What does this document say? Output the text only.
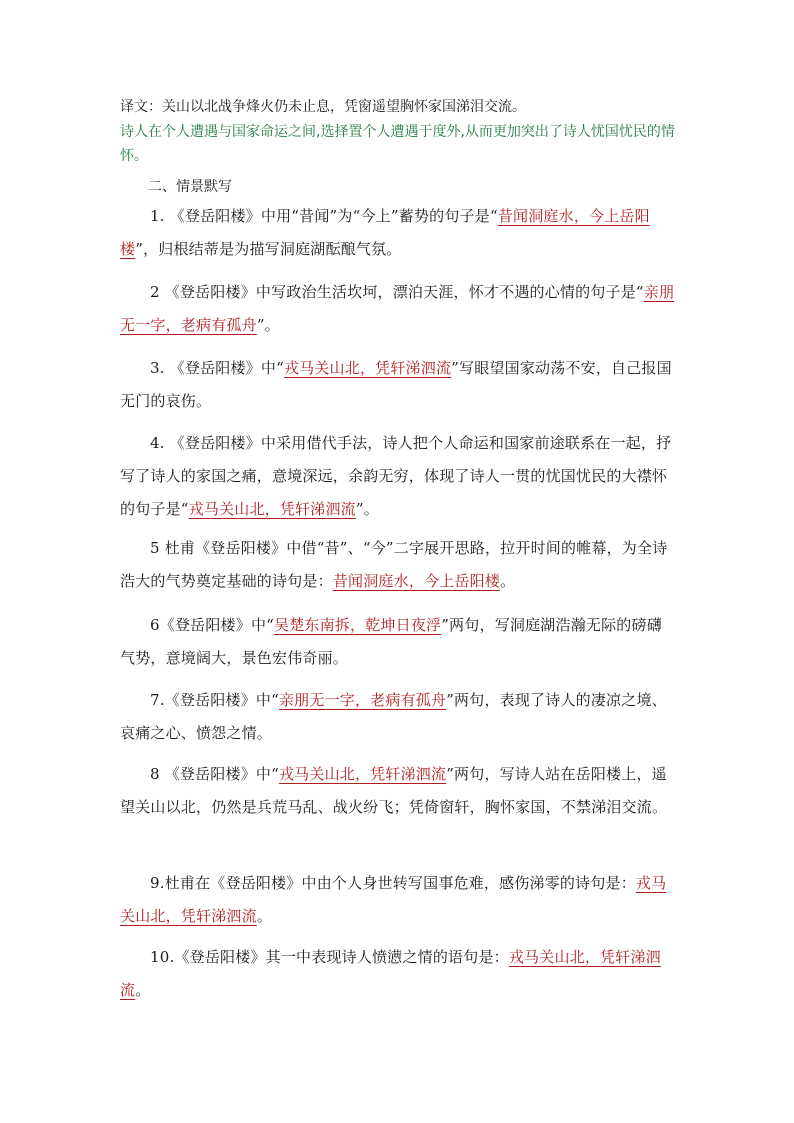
译文：关山以北战争烽火仍未止息，凭窗遥望胸怀家国涕泪交流。
诗人在个人遭遇与国家命运之间,选择置个人遭遇于度外,从而更加突出了诗人忧国忧民的情怀。
二、情景默写
1. 《登岳阳楼》中用“昔闻”为“今上”蓄势的句子是“昔闻洞庭水，今上岳阳楼”，归根结蒂是为描写洞庭湖酝酿气氛。
2 《登岳阳楼》中写政治生活坎坷，漂泊天涯，怀才不遇的心情的句子是“亲朋无一字，老病有孤舟”。
3. 《登岳阳楼》中“戎马关山北，凭轩涕泗流”写眼望国家动荡不安，自己报国无门的哀伤。
4. 《登岳阳楼》中采用借代手法，诗人把个人命运和国家前途联系在一起，抒写了诗人的家国之痛，意境深远，余韵无穷，体现了诗人一贯的忧国忧民的大襟怀的句子是“戎马关山北，凭轩涕泗流”。
5 杜甫《登岳阳楼》中借“昔”、“今”二字展开思路，拉开时间的帷幕，为全诗浩大的气势奠定基础的诗句是：昔闻洞庭水，今上岳阳楼。
6《登岳阳楼》中“吴楚东南拆，乾坤日夜浮”两句，写洞庭湖浩瀚无际的磅礴气势，意境阔大，景色宏伟奇丽。
7.《登岳阳楼》中“亲朋无一字，老病有孤舟”两句，表现了诗人的凄凉之境、哀痛之心、愤怨之情。
8 《登岳阳楼》中“戎马关山北，凭轩涕泗流”两句，写诗人站在岳阳楼上，遥望关山以北，仍然是兵荒马乱、战火纷飞；凭倚窗轩，胸怀家国，不禁涕泪交流。
9.杜甫在《登岳阳楼》中由个人身世转写国事危难，感伤涕零的诗句是：戎马关山北，凭轩涕泗流。
10.《登岳阳楼》其一中表现诗人愤懑之情的语句是：戎马关山北，凭轩涕泗流。
